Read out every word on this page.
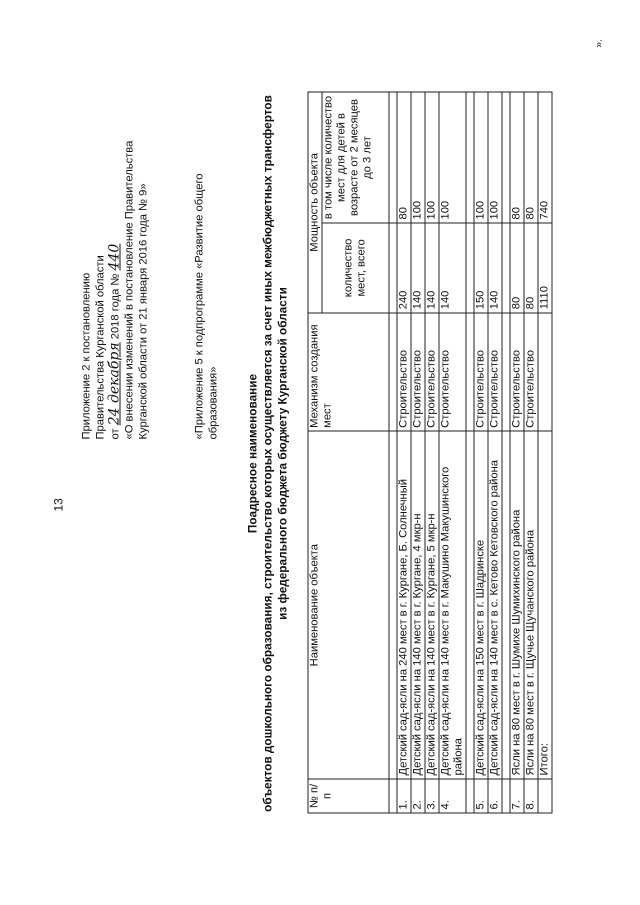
13
Приложение 2 к постановлению Правительства Курганской области от 24 декабря 2018 года № 440 «О внесении изменений в постановление Правительства Курганской области от 21 января 2016 года № 9»	«Приложение 5 к подпрограмме «Развитие общего образования» Поадресное наименование объектов дошкольного образования, строительство которых осуществляется за счет иных межбюджетных трансфертов из федерального бюджета бюджету Курганской области
№ п/п	Наименование объекта	Механизм создания мест	Мощность объекта	
			количество мест, всего	в том числе количество мест для детей в возрасте от 2 месяцев до 3 лет

1.	Детский сад-ясли на 240 мест в г. Кургане, Б. Солнечный	Строительство	240	80
2.	Детский сад-ясли на 140 мест в г. Кургане, 4 мкр-н	Строительство	140	100
3.	Детский сад-ясли на 140 мест в г. Кургане, 5 мкр-н	Строительство	140	100
4.	Детский сад-ясли на 140 мест в г. Макушино Макушинского района	Строительство	140	100

5.	Детский сад-ясли на 150 мест в г. Шадринске	Строительство	150	100
6.	Детский сад-ясли на 140 мест в с. Кетово Кетовского района	Строительство	140	100

7.	Ясли на 80 мест в г. Шумихе Шумихинского района	Строительство	80	80
8.	Ясли на 80 мест в г. Щучье Щучанского района	Строительство	80	80
	Итого:		1110	740
».
